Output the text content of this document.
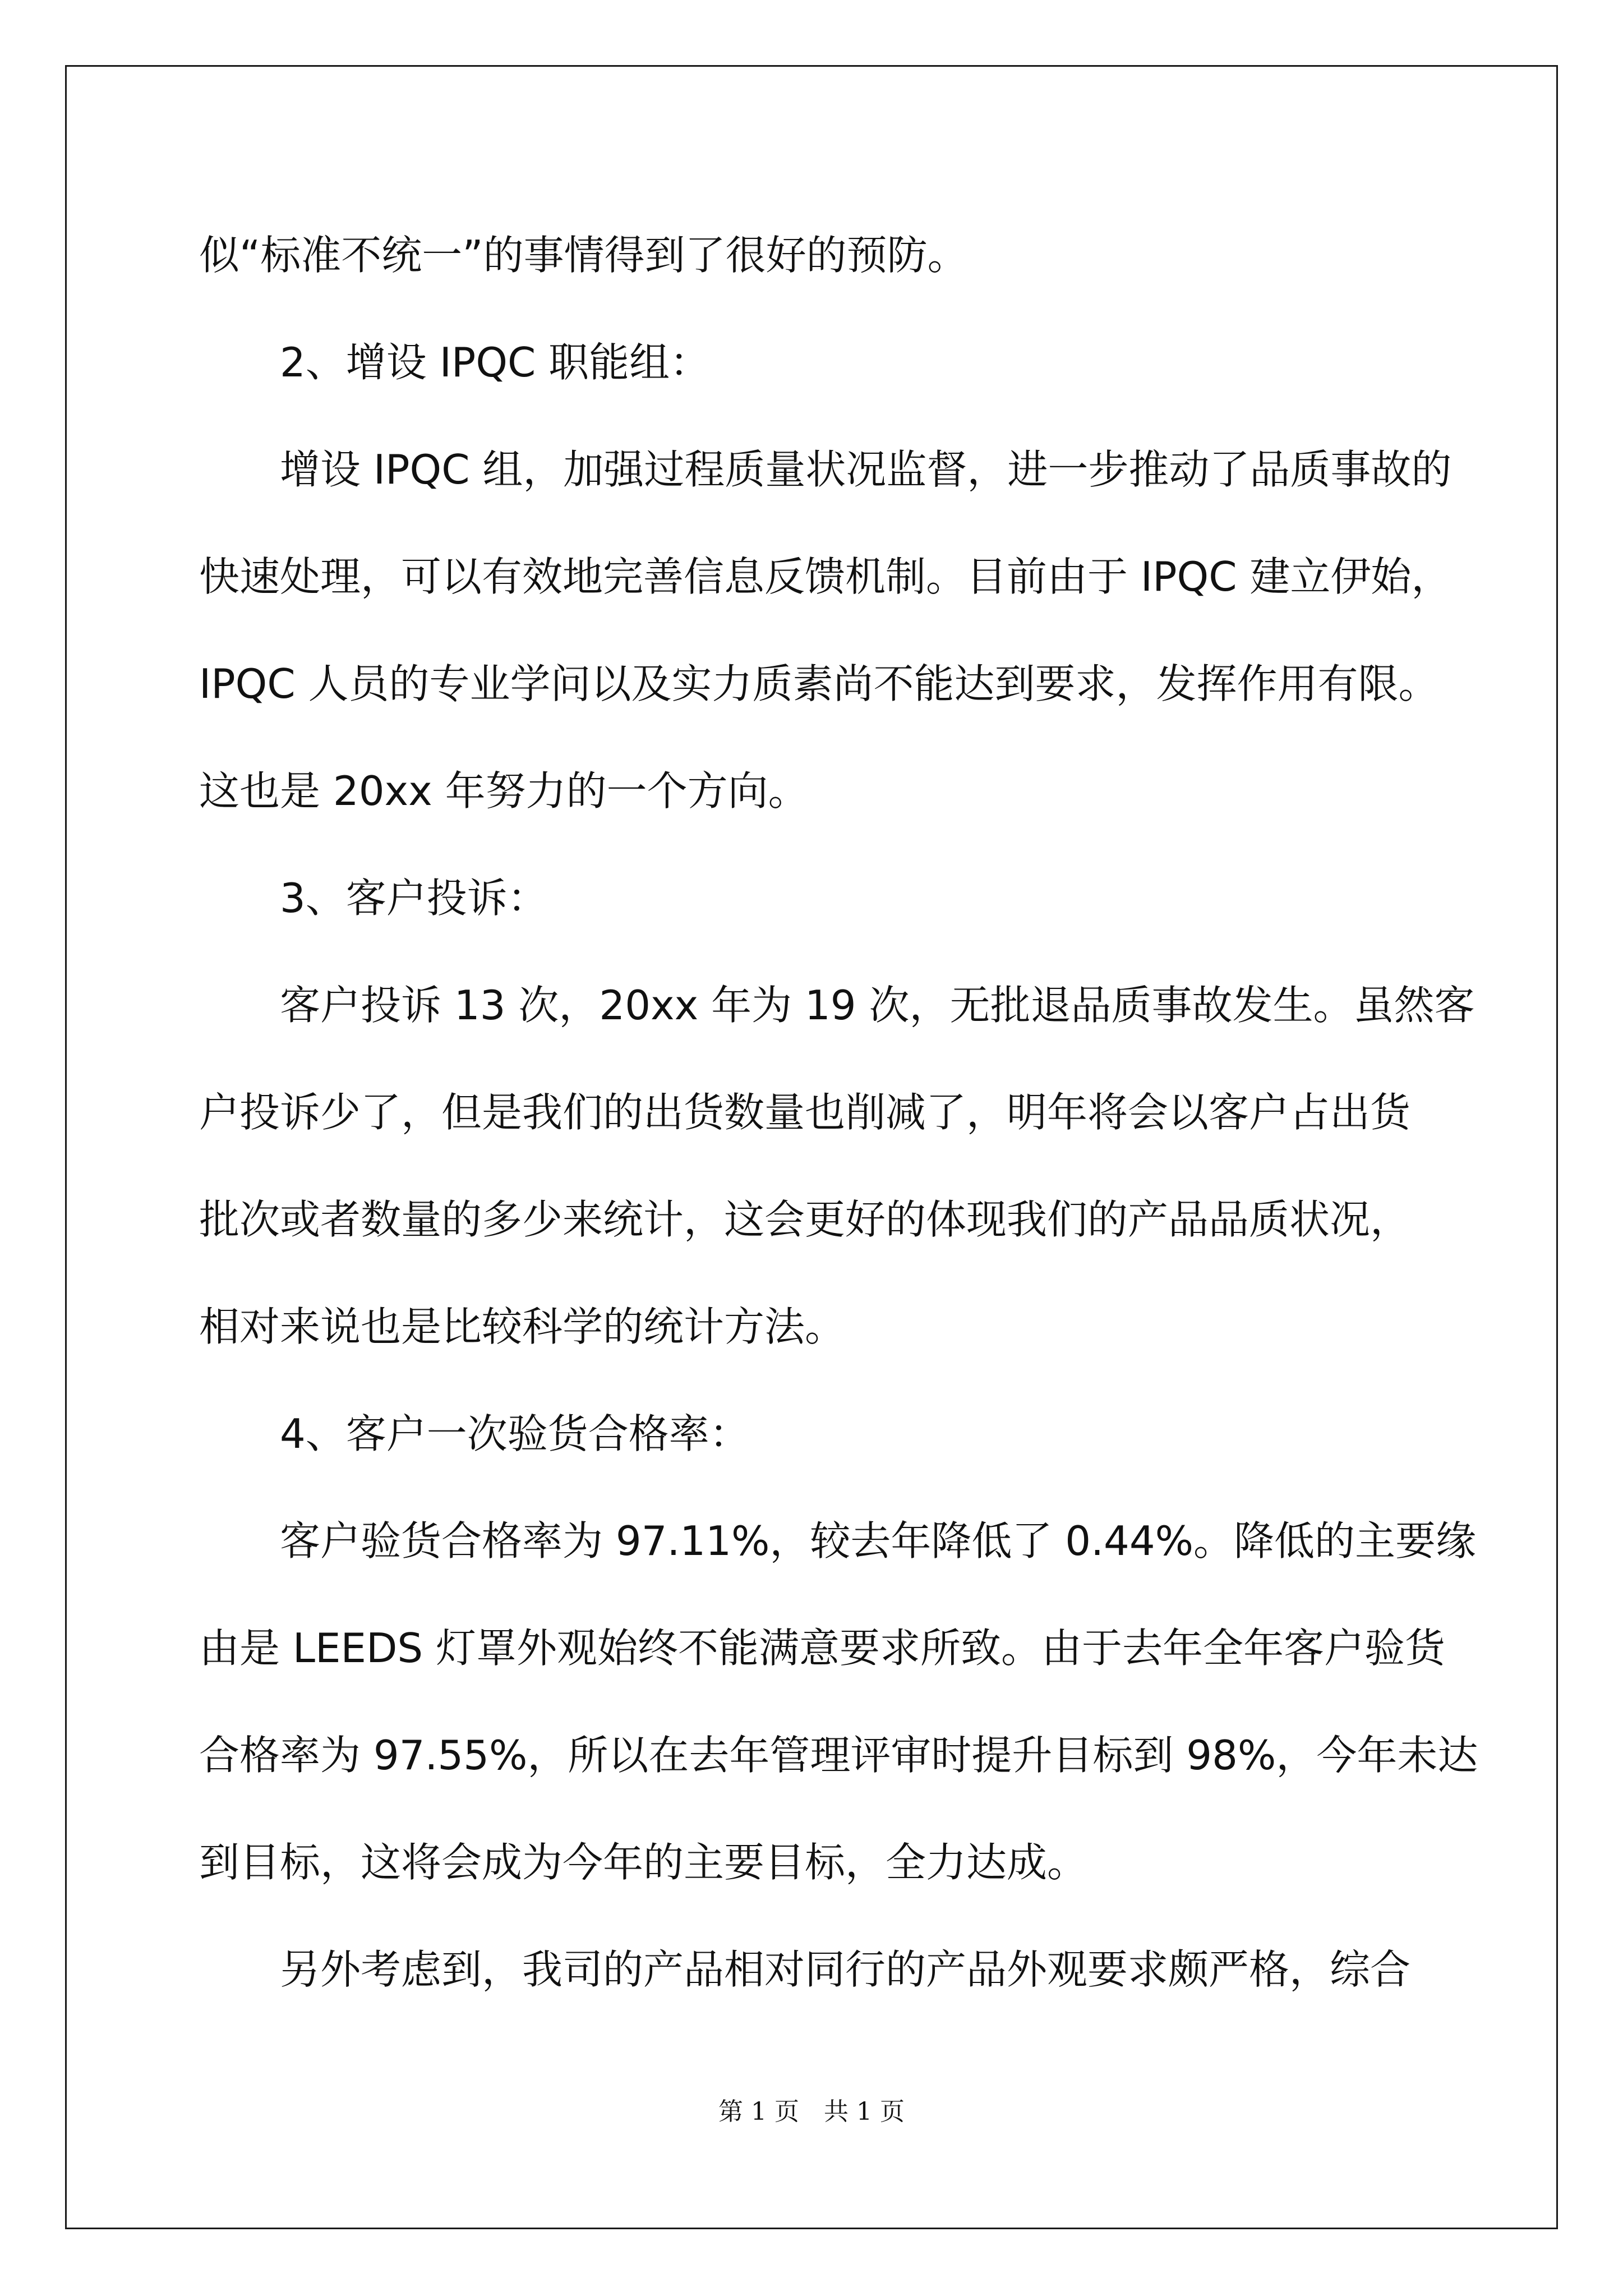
似“标准不统一”的事情得到了很好的预防。
2、增设 IPQC 职能组：
增设 IPQC 组，加强过程质量状况监督，进一步推动了品质事故的
快速处理，可以有效地完善信息反馈机制。目前由于 IPQC 建立伊始，
IPQC 人员的专业学问以及实力质素尚不能达到要求，发挥作用有限。
这也是 20xx 年努力的一个方向。
3、客户投诉：
客户投诉 13 次，20xx 年为 19 次，无批退品质事故发生。虽然客
户投诉少了，但是我们的出货数量也削减了，明年将会以客户占出货
批次或者数量的多少来统计，这会更好的体现我们的产品品质状况，
相对来说也是比较科学的统计方法。
4、客户一次验货合格率：
客户验货合格率为 97.11%，较去年降低了 0.44%。降低的主要缘
由是 LEEDS 灯罩外观始终不能满意要求所致。由于去年全年客户验货
合格率为 97.55%，所以在去年管理评审时提升目标到 98%，今年未达
到目标，这将会成为今年的主要目标，全力达成。
另外考虑到，我司的产品相对同行的产品外观要求颇严格，综合
第 1 页　共 1 页
